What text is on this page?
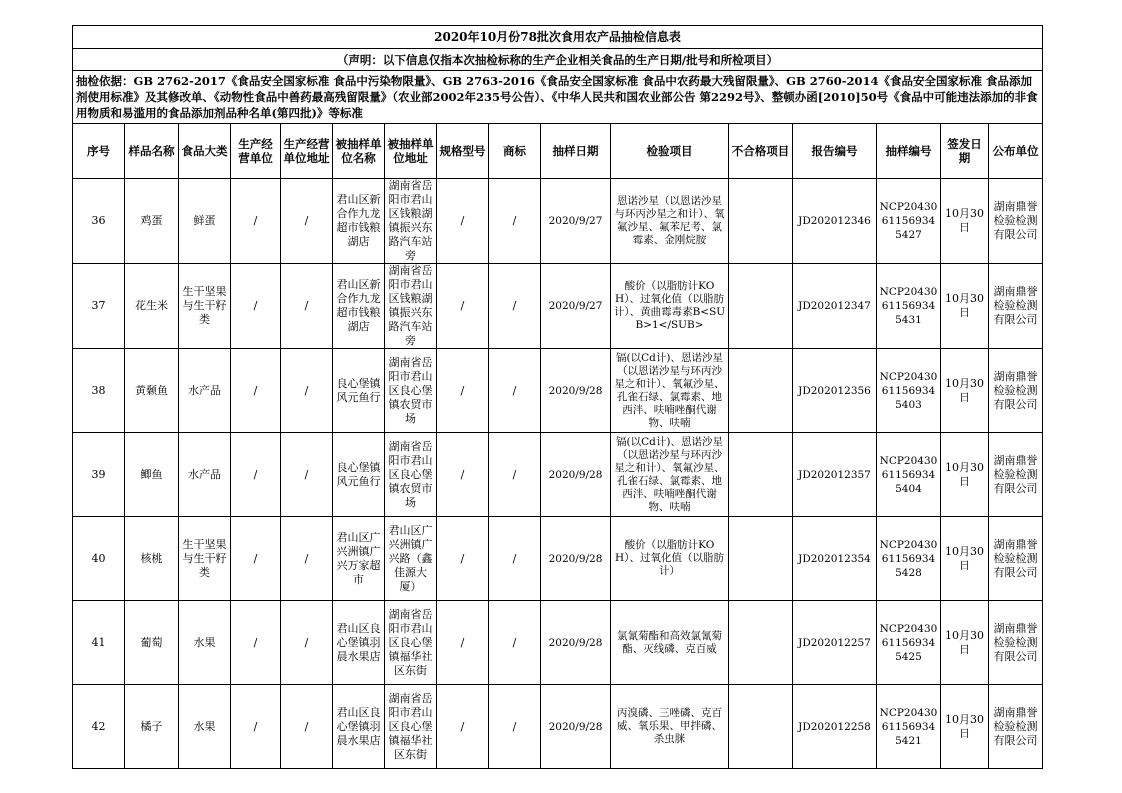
2020年10月份78批次食用农产品抽检信息表															
（声明：以下信息仅指本次抽检标称的生产企业相关食品的生产日期/批号和所检项目）															
抽检依据：GB 2762-2017《食品安全国家标准 食品中污染物限量》、GB 2763-2016《食品安全国家标准 食品中农药最大残留限量》、GB 2760-2014《食品安全国家标准 食品添加剂使用标准》及其修改单、《动物性食品中兽药最高残留限量》（农业部2002年235号公告）、《中华人民共和国农业部公告 第2292号》、整顿办函[2010]50号《食品中可能违法添加的非食用物质和易滥用的食品添加剂品种名单(第四批)》等标准															
序号	样品名称	食品大类	生产经营单位	生产经营单位地址	被抽样单位名称	被抽样单位地址	规格型号	商标	抽样日期	检验项目	不合格项目	报告编号	抽样编号	签发日期	公布单位
36	鸡蛋	鲜蛋	/	/	君山区新合作九龙超市钱粮湖店	湖南省岳阳市君山区钱粮湖镇振兴东路汽车站旁	/	/	2020/9/27	恩诺沙星（以恩诺沙星与环丙沙星之和计）、氧氟沙星、氟苯尼考、氯霉素、金刚烷胺		JD202012346	NCP20430611569345427	10月30日	湖南鼎誉检验检测有限公司
37	花生米	生干坚果与生干籽类	/	/	君山区新合作九龙超市钱粮湖店	湖南省岳阳市君山区钱粮湖镇振兴东路汽车站旁	/	/	2020/9/27	酸价（以脂肪计KOH）、过氧化值（以脂肪计）、黄曲霉毒素B<SUB>1</SUB>		JD202012347	NCP20430611569345431	10月30日	湖南鼎誉检验检测有限公司
38	黄颡鱼	水产品	/	/	良心堡镇风元鱼行	湖南省岳阳市君山区良心堡镇农贸市场	/	/	2020/9/28	镉(以Cd计)、恩诺沙星（以恩诺沙星与环丙沙星之和计）、氧氟沙星、孔雀石绿、氯霉素、地西泮、呋喃唑酮代谢物、呋喃		JD202012356	NCP20430611569345403	10月30日	湖南鼎誉检验检测有限公司
39	鲫鱼	水产品	/	/	良心堡镇风元鱼行	湖南省岳阳市君山区良心堡镇农贸市场	/	/	2020/9/28	镉(以Cd计)、恩诺沙星（以恩诺沙星与环丙沙星之和计）、氧氟沙星、孔雀石绿、氯霉素、地西泮、呋喃唑酮代谢物、呋喃		JD202012357	NCP20430611569345404	10月30日	湖南鼎誉检验检测有限公司
40	核桃	生干坚果与生干籽类	/	/	君山区广兴洲镇广兴万家超市	君山区广兴洲镇广兴路（鑫佳源大厦）	/	/	2020/9/28	酸价（以脂肪计KOH）、过氧化值（以脂肪计）		JD202012354	NCP20430611569345428	10月30日	湖南鼎誉检验检测有限公司
41	葡萄	水果	/	/	君山区良心堡镇羽晨水果店	湖南省岳阳市君山区良心堡镇福华社区东街	/	/	2020/9/28	氯氰菊酯和高效氯氰菊酯、灭线磷、克百威		JD202012257	NCP20430611569345425	10月30日	湖南鼎誉检验检测有限公司
42	橘子	水果	/	/	君山区良心堡镇羽晨水果店	湖南省岳阳市君山区良心堡镇福华社区东街	/	/	2020/9/28	丙溴磷、三唑磷、克百威、氧乐果、甲拌磷、杀虫脒		JD202012258	NCP20430611569345421	10月30日	湖南鼎誉检验检测有限公司
